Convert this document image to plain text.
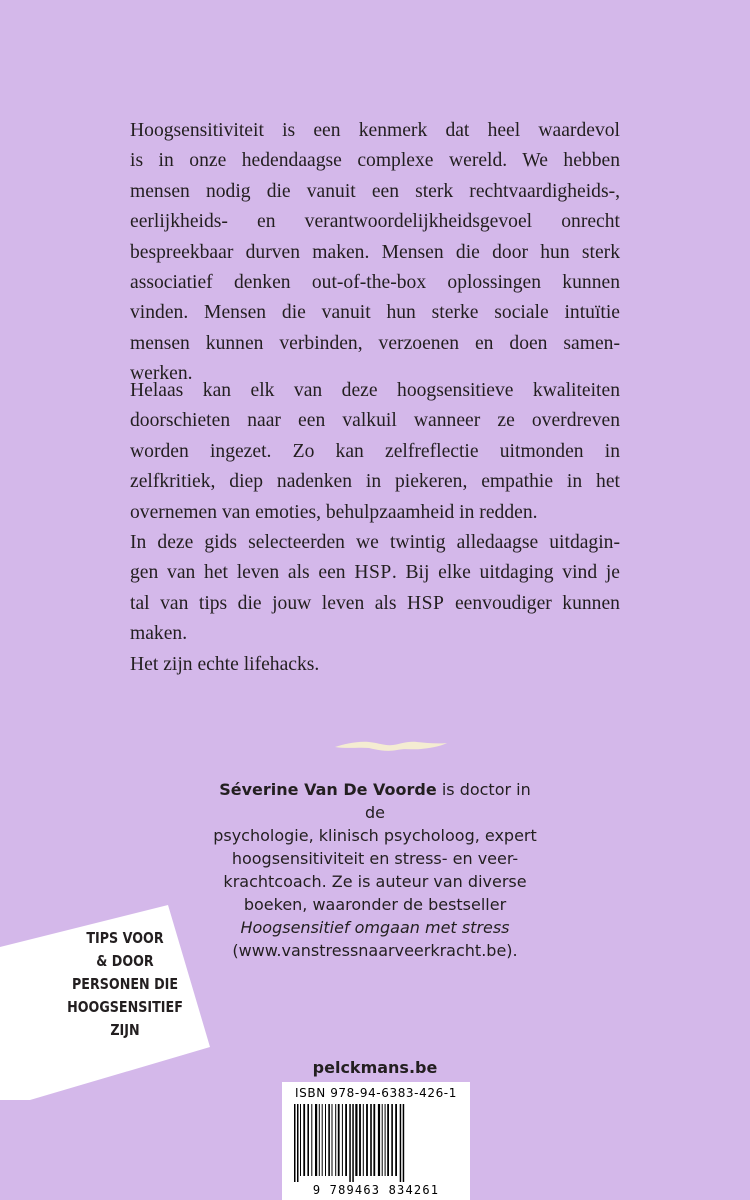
Hoogsensitiviteit is een kenmerk dat heel waardevol

is in onze hedendaagse complexe wereld. We hebben

mensen nodig die vanuit een sterk rechtvaardigheids-,

eerlijkheids- en verantwoordelijkheidsgevoel onrecht

bespreekbaar durven maken. Mensen die door hun sterk

associatief denken out-of-the-box oplossingen kunnen

vinden. Mensen die vanuit hun sterke sociale intuïtie

mensen kunnen verbinden, verzoenen en doen samen-

werken.

Helaas kan elk van deze hoogsensitieve kwaliteiten

doorschieten naar een valkuil wanneer ze overdreven

worden ingezet. Zo kan zelfreflectie uitmonden in

zelfkritiek, diep nadenken in piekeren, empathie in het

overnemen van emoties, behulpzaamheid in redden.

In deze gids selecteerden we twintig alledaagse uitdagin-

gen van het leven als een HSP. Bij elke uitdaging vind je

tal van tips die jouw leven als HSP eenvoudiger kunnen

maken.

Het zijn echte lifehacks.

Séverine Van De Voorde is doctor in de

psychologie, klinisch psycholoog, expert

hoogsensitiviteit en stress- en veer-

krachtcoach. Ze is auteur van diverse

boeken, waaronder de bestseller

Hoogsensitief omgaan met stress

(www.vanstressnaarveerkracht.be).

TIPS VOOR
& DOOR
PERSONEN DIE
HOOGSENSITIEF
ZIJN
pelckmans.be
ISBN 978-94-6383-426-1
9 789463 834261
